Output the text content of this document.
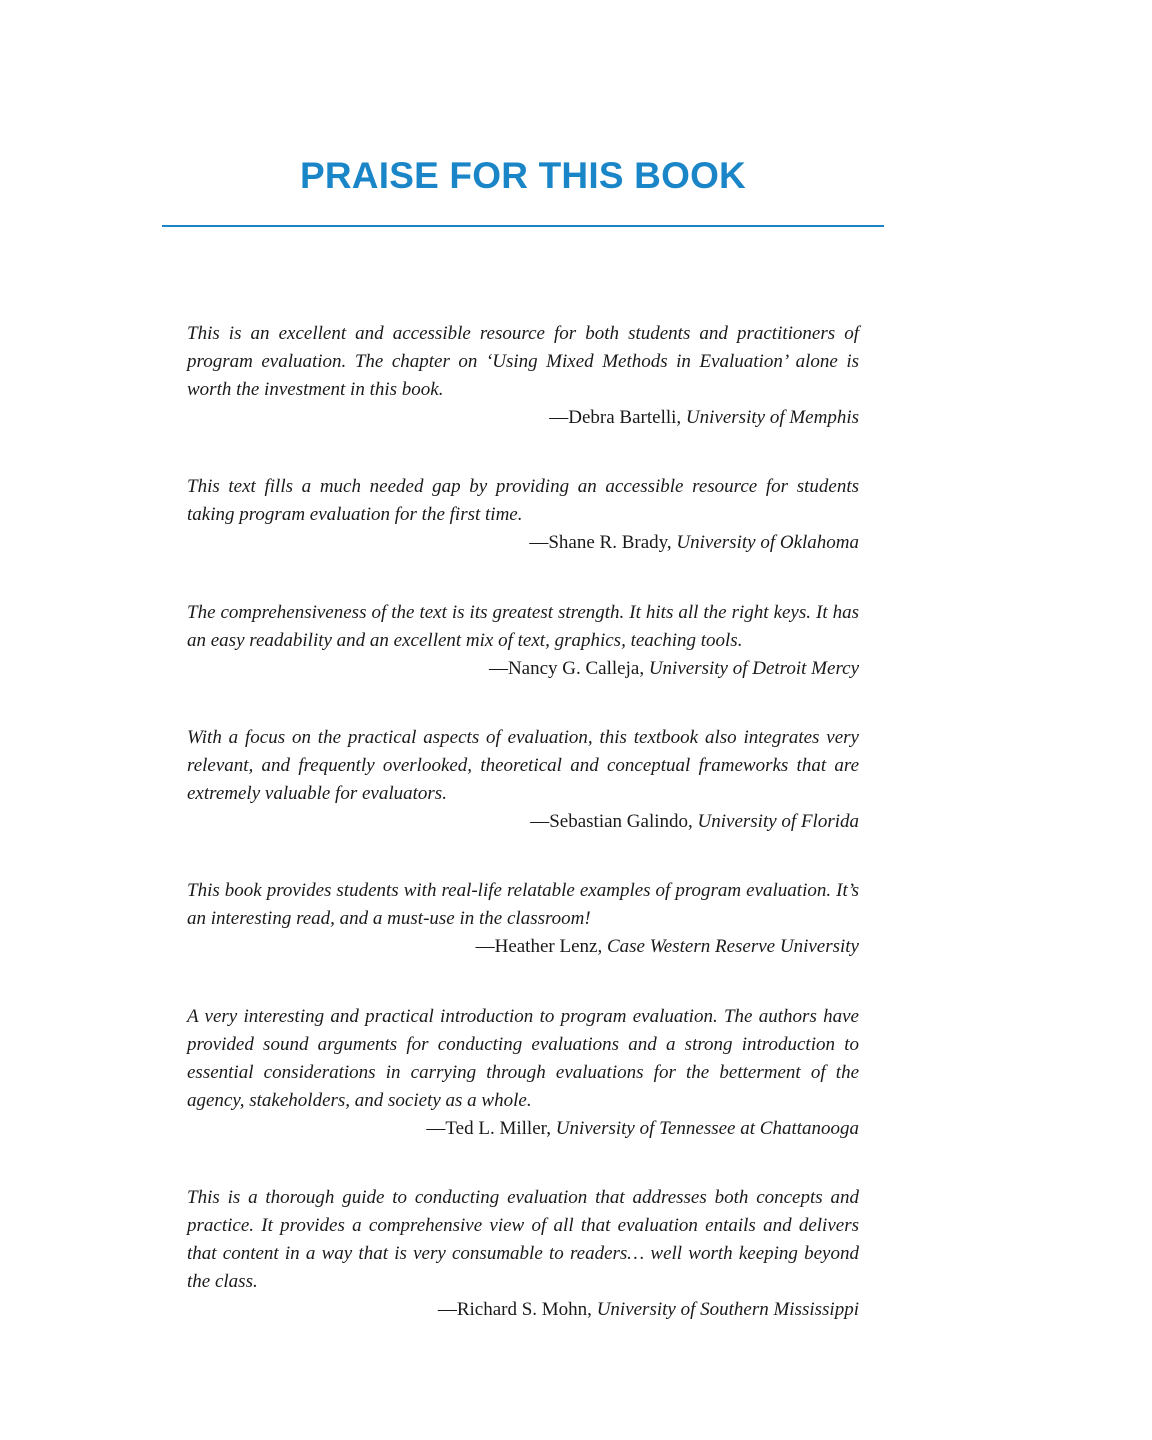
PRAISE FOR THIS BOOK

This is an excellent and accessible resource for both students and practitioners of program evaluation. The chapter on ‘Using Mixed Methods in Evaluation’ alone is worth the investment in this book.

—Debra Bartelli, University of Memphis

This text fills a much needed gap by providing an accessible resource for students taking program evaluation for the first time.

—Shane R. Brady, University of Oklahoma

The comprehensiveness of the text is its greatest strength. It hits all the right keys. It has an easy readability and an excellent mix of text, graphics, teaching tools.

—Nancy G. Calleja, University of Detroit Mercy

With a focus on the practical aspects of evaluation, this textbook also integrates very relevant, and frequently overlooked, theoretical and conceptual frameworks that are extremely valuable for evaluators.

—Sebastian Galindo, University of Florida

This book provides students with real-life relatable examples of program evaluation. It’s an interesting read, and a must-use in the classroom!

—Heather Lenz, Case Western Reserve University

A very interesting and practical introduction to program evaluation. The authors have provided sound arguments for conducting evaluations and a strong introduction to essential considerations in carrying through evaluations for the betterment of the agency, stakeholders, and society as a whole.

—Ted L. Miller, University of Tennessee at Chattanooga

This is a thorough guide to conducting evaluation that addresses both concepts and practice. It provides a comprehensive view of all that evaluation entails and delivers that content in a way that is very consumable to readers… well worth keeping beyond the class.

—Richard S. Mohn, University of Southern Mississippi
